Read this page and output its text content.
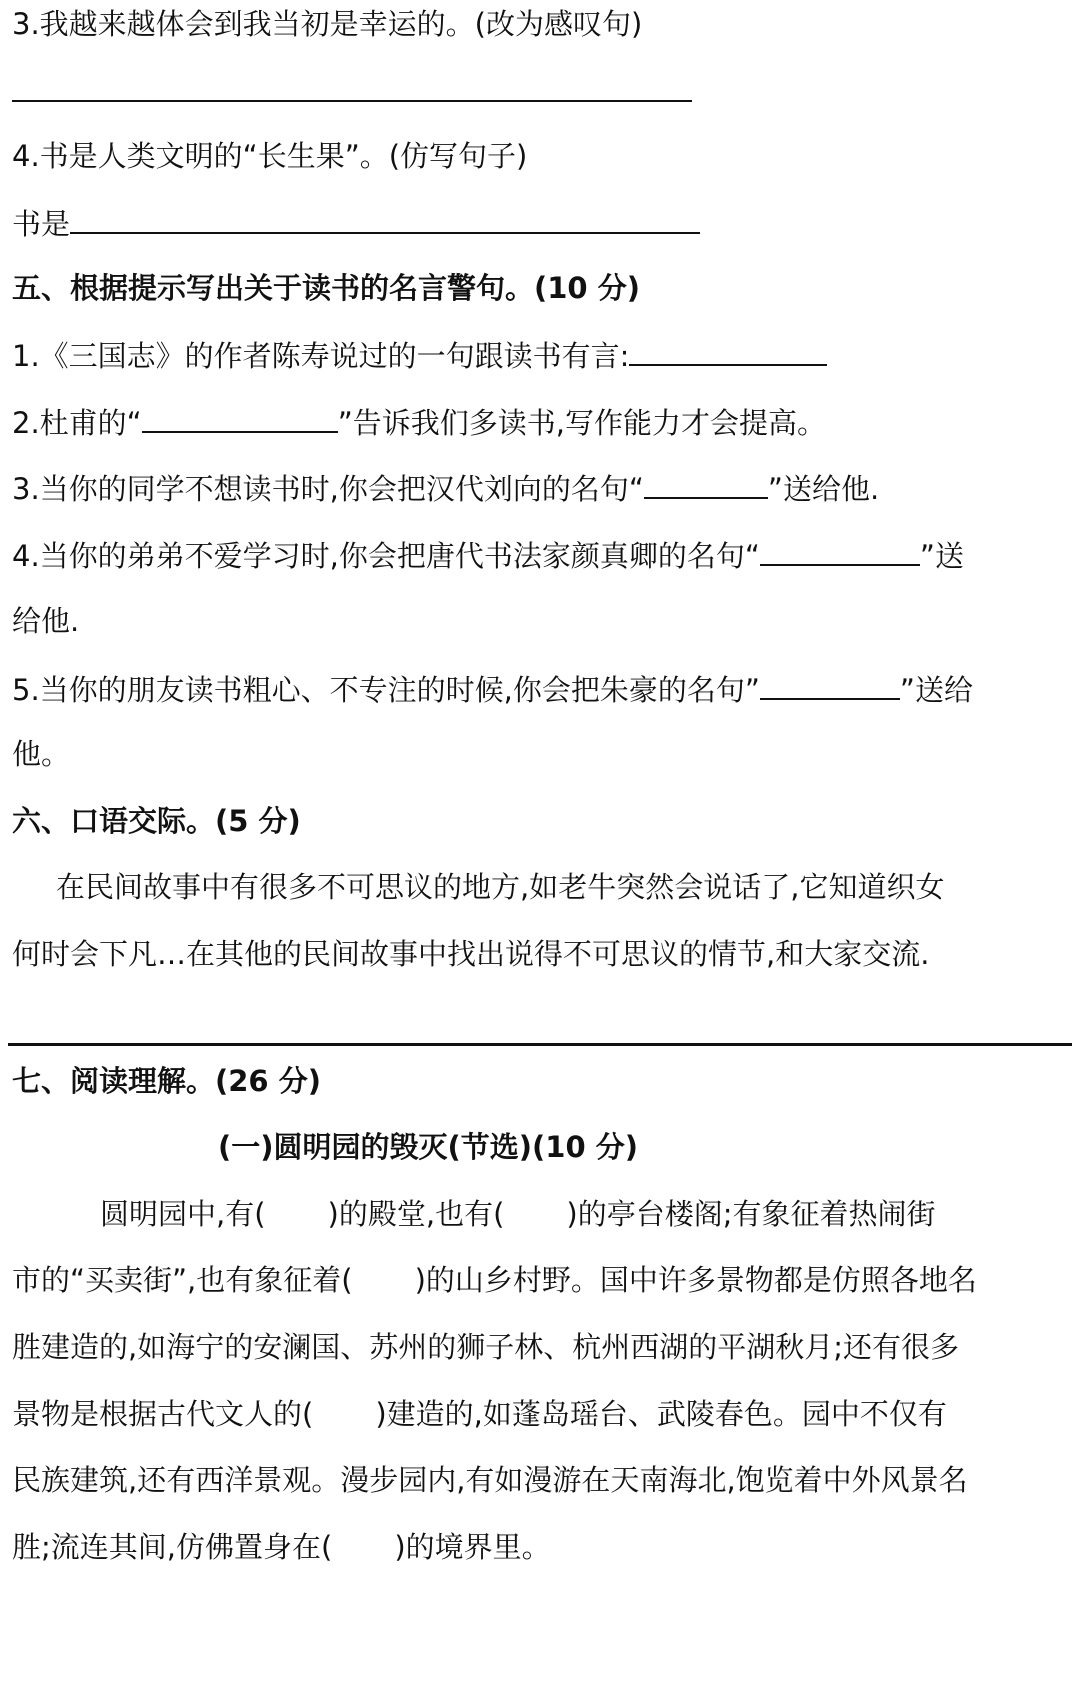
3.我越来越体会到我当初是幸运的。(改为感叹句)
4.书是人类文明的“长生果”。(仿写句子)
书是
五、根据提示写出关于读书的名言警句。(10 分)
1.《三国志》的作者陈寿说过的一句跟读书有言:
2.杜甫的“	”告诉我们多读书,写作能力才会提高。
3.当你的同学不想读书时,你会把汉代刘向的名句“	”送给他.
4.当你的弟弟不爱学习时,你会把唐代书法家颜真卿的名句“	”送
给他.
5.当你的朋友读书粗心、不专注的时候,你会把朱豪的名句”	”送给
他。
六、口语交际。(5 分)
在民间故事中有很多不可思议的地方,如老牛突然会说话了,它知道织女
何时会下凡…在其他的民间故事中找出说得不可思议的情节,和大家交流.
七、阅读理解。(26 分)
(一)圆明园的毁灭(节选)(10 分)
圆明园中,有( )的殿堂,也有( )的亭台楼阁;有象征着热闹街
市的“买卖街”,也有象征着( )的山乡村野。国中许多景物都是仿照各地名
胜建造的,如海宁的安澜国、苏州的狮子林、杭州西湖的平湖秋月;还有很多
景物是根据古代文人的( )建造的,如蓬岛瑶台、武陵春色。园中不仅有
民族建筑,还有西洋景观。漫步园内,有如漫游在天南海北,饱览着中外风景名
胜;流连其间,仿佛置身在( )的境界里。
